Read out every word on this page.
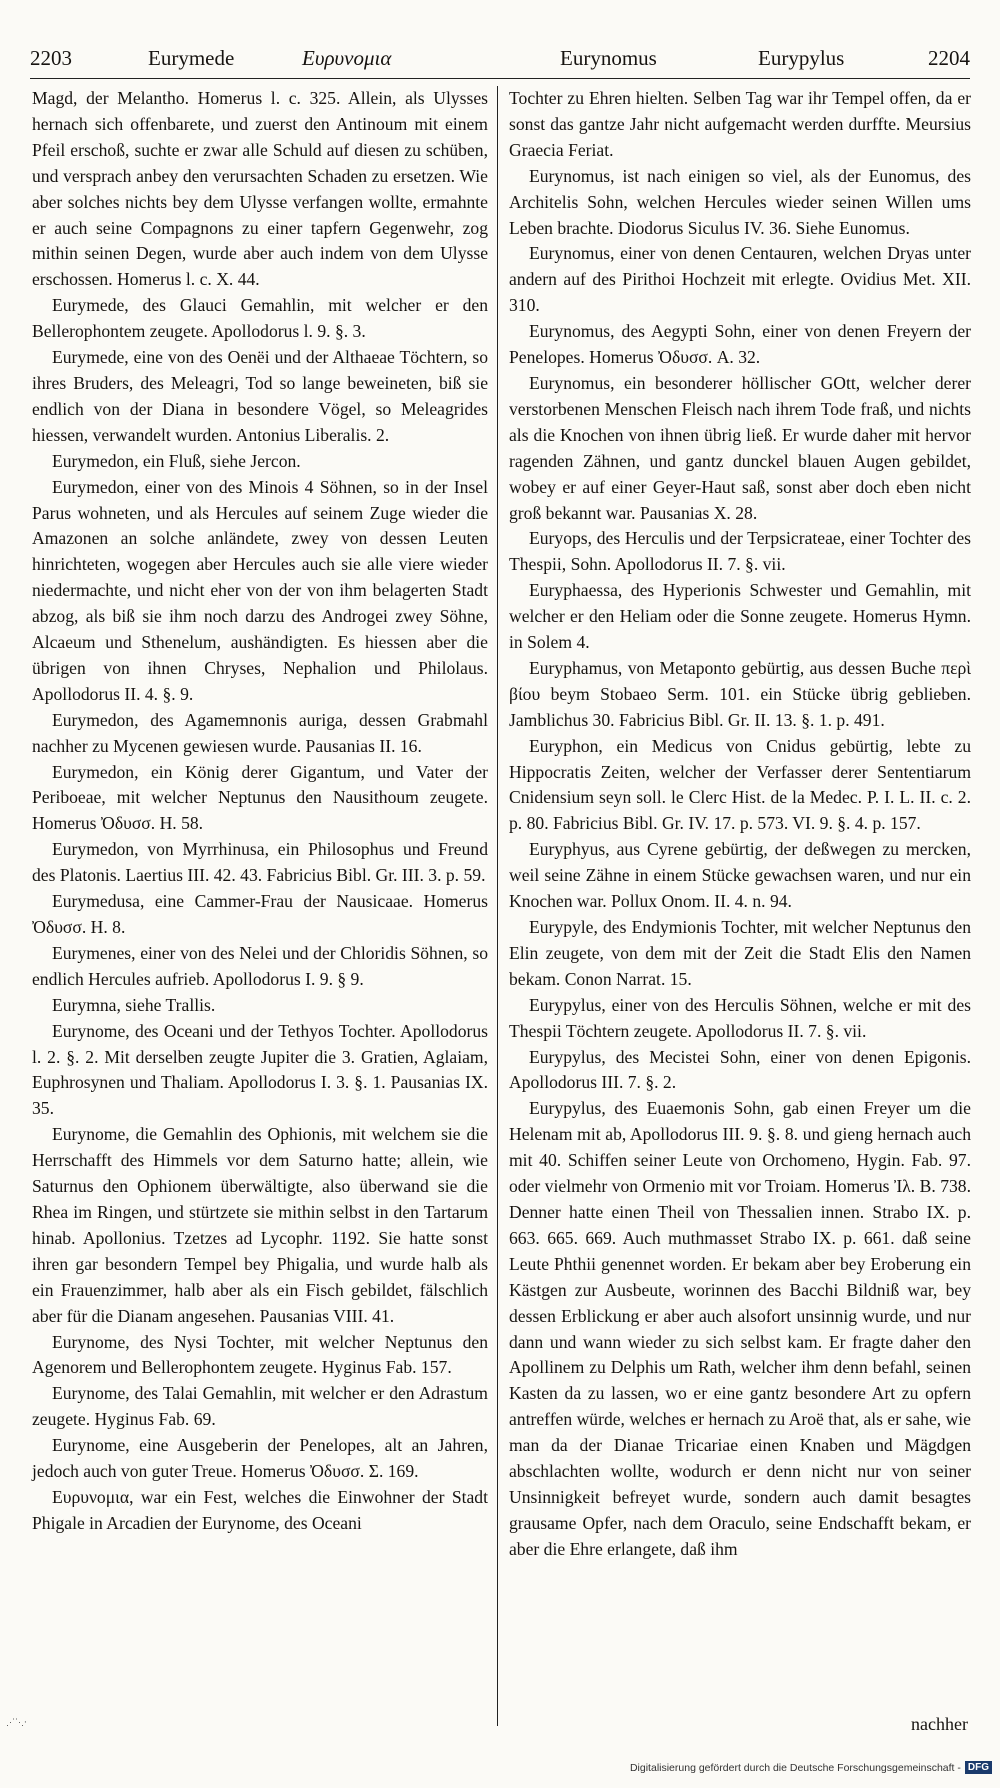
2203	Eurymede	Ευρυνομια	Eurynomus	Eurypylus	2204

Magd, der Melantho. Homerus l. c. 325. Allein, als Ulysses hernach sich offenbarete, und zuerst den Antinoum mit einem Pfeil erschoß, suchte er zwar alle Schuld auf diesen zu schüben, und versprach anbey den verursachten Schaden zu ersetzen. Wie aber solches nichts bey dem Ulysse verfangen wollte, ermahnte er auch seine Compagnons zu einer tapfern Gegenwehr, zog mithin seinen Degen, wurde aber auch indem von dem Ulysse erschossen. Homerus l. c. X. 44.

Eurymede, des Glauci Gemahlin, mit welcher er den Bellerophontem zeugete. Apollodorus l. 9. §. 3.

Eurymede, eine von des Oenëi und der Althaeae Töchtern, so ihres Bruders, des Meleagri, Tod so lange beweineten, biß sie endlich von der Diana in besondere Vögel, so Meleagrides hiessen, verwandelt wurden. Antonius Liberalis. 2.

Eurymedon, ein Fluß, siehe Jercon.

Eurymedon, einer von des Minois 4 Söhnen, so in der Insel Parus wohneten, und als Hercules auf seinem Zuge wieder die Amazonen an solche anländete, zwey von dessen Leuten hinrichteten, wogegen aber Hercules auch sie alle viere wieder niedermachte, und nicht eher von der von ihm belagerten Stadt abzog, als biß sie ihm noch darzu des Androgei zwey Söhne, Alcaeum und Sthenelum, aushändigten. Es hiessen aber die übrigen von ihnen Chryses, Nephalion und Philolaus. Apollodorus II. 4. §. 9.

Eurymedon, des Agamemnonis auriga, dessen Grabmahl nachher zu Mycenen gewiesen wurde. Pausanias II. 16.

Eurymedon, ein König derer Gigantum, und Vater der Periboeae, mit welcher Neptunus den Nausithoum zeugete. Homerus Ὀδυσσ. H. 58.

Eurymedon, von Myrrhinusa, ein Philosophus und Freund des Platonis. Laertius III. 42. 43. Fabricius Bibl. Gr. III. 3. p. 59.

Eurymedusa, eine Cammer-Frau der Nausicaae. Homerus Ὀδυσσ. H. 8.

Eurymenes, einer von des Nelei und der Chloridis Söhnen, so endlich Hercules aufrieb. Apollodorus I. 9. § 9.

Eurymna, siehe Trallis.

Eurynome, des Oceani und der Tethyos Tochter. Apollodorus l. 2. §. 2. Mit derselben zeugte Jupiter die 3. Gratien, Aglaiam, Euphrosynen und Thaliam. Apollodorus I. 3. §. 1. Pausanias IX. 35.

Eurynome, die Gemahlin des Ophionis, mit welchem sie die Herrschafft des Himmels vor dem Saturno hatte; allein, wie Saturnus den Ophionem überwältigte, also überwand sie die Rhea im Ringen, und stürtzete sie mithin selbst in den Tartarum hinab. Apollonius. Tzetzes ad Lycophr. 1192. Sie hatte sonst ihren gar besondern Tempel bey Phigalia, und wurde halb als ein Frauenzimmer, halb aber als ein Fisch gebildet, fälschlich aber für die Dianam angesehen. Pausanias VIII. 41.

Eurynome, des Nysi Tochter, mit welcher Neptunus den Agenorem und Bellerophontem zeugete. Hyginus Fab. 157.

Eurynome, des Talai Gemahlin, mit welcher er den Adrastum zeugete. Hyginus Fab. 69.

Eurynome, eine Ausgeberin der Penelopes, alt an Jahren, jedoch auch von guter Treue. Homerus Ὀδυσσ. Σ. 169.

Ευρυνομια, war ein Fest, welches die Einwohner der Stadt Phigale in Arcadien der Eurynome, des Oceani

Tochter zu Ehren hielten. Selben Tag war ihr Tempel offen, da er sonst das gantze Jahr nicht aufgemacht werden durffte. Meursius Graecia Feriat.

Eurynomus, ist nach einigen so viel, als der Eunomus, des Architelis Sohn, welchen Hercules wieder seinen Willen ums Leben brachte. Diodorus Siculus IV. 36. Siehe Eunomus.

Eurynomus, einer von denen Centauren, welchen Dryas unter andern auf des Pirithoi Hochzeit mit erlegte. Ovidius Met. XII. 310.

Eurynomus, des Aegypti Sohn, einer von denen Freyern der Penelopes. Homerus Ὀδυσσ. A. 32.

Eurynomus, ein besonderer höllischer GOtt, welcher derer verstorbenen Menschen Fleisch nach ihrem Tode fraß, und nichts als die Knochen von ihnen übrig ließ. Er wurde daher mit hervor ragenden Zähnen, und gantz dunckel blauen Augen gebildet, wobey er auf einer Geyer-Haut saß, sonst aber doch eben nicht groß bekannt war. Pausanias X. 28.

Euryops, des Herculis und der Terpsicrateae, einer Tochter des Thespii, Sohn. Apollodorus II. 7. §. vii.

Euryphaessa, des Hyperionis Schwester und Gemahlin, mit welcher er den Heliam oder die Sonne zeugete. Homerus Hymn. in Solem 4.

Euryphamus, von Metaponto gebürtig, aus dessen Buche περὶ βίου beym Stobaeo Serm. 101. ein Stücke übrig geblieben. Jamblichus 30. Fabricius Bibl. Gr. II. 13. §. 1. p. 491.

Euryphon, ein Medicus von Cnidus gebürtig, lebte zu Hippocratis Zeiten, welcher der Verfasser derer Sententiarum Cnidensium seyn soll. le Clerc Hist. de la Medec. P. I. L. II. c. 2. p. 80. Fabricius Bibl. Gr. IV. 17. p. 573. VI. 9. §. 4. p. 157.

Euryphyus, aus Cyrene gebürtig, der deßwegen zu mercken, weil seine Zähne in einem Stücke gewachsen waren, und nur ein Knochen war. Pollux Onom. II. 4. n. 94.

Eurypyle, des Endymionis Tochter, mit welcher Neptunus den Elin zeugete, von dem mit der Zeit die Stadt Elis den Namen bekam. Conon Narrat. 15.

Eurypylus, einer von des Herculis Söhnen, welche er mit des Thespii Töchtern zeugete. Apollodorus II. 7. §. vii.

Eurypylus, des Mecistei Sohn, einer von denen Epigonis. Apollodorus III. 7. §. 2.

Eurypylus, des Euaemonis Sohn, gab einen Freyer um die Helenam mit ab, Apollodorus III. 9. §. 8. und gieng hernach auch mit 40. Schiffen seiner Leute von Orchomeno, Hygin. Fab. 97. oder vielmehr von Ormenio mit vor Troiam. Homerus Ἰλ. B. 738. Denner hatte einen Theil von Thessalien innen. Strabo IX. p. 663. 665. 669. Auch muthmasset Strabo IX. p. 661. daß seine Leute Phthii genennet worden. Er bekam aber bey Eroberung ein Kästgen zur Ausbeute, worinnen des Bacchi Bildniß war, bey dessen Erblickung er aber auch alsofort unsinnig wurde, und nur dann und wann wieder zu sich selbst kam. Er fragte daher den Apollinem zu Delphis um Rath, welcher ihm denn befahl, seinen Kasten da zu lassen, wo er eine gantz besondere Art zu opfern antreffen würde, welches er hernach zu Aroë that, als er sahe, wie man da der Dianae Tricariae einen Knaben und Mägdgen abschlachten wollte, wodurch er denn nicht nur von seiner Unsinnigkeit befreyet wurde, sondern auch damit besagtes grausame Opfer, nach dem Oraculo, seine Endschafft bekam, er aber die Ehre erlangete, daß ihm

nachher
⋰⋱·
Digitalisierung gefördert durch die Deutsche Forschungsgemeinschaft - DFG
